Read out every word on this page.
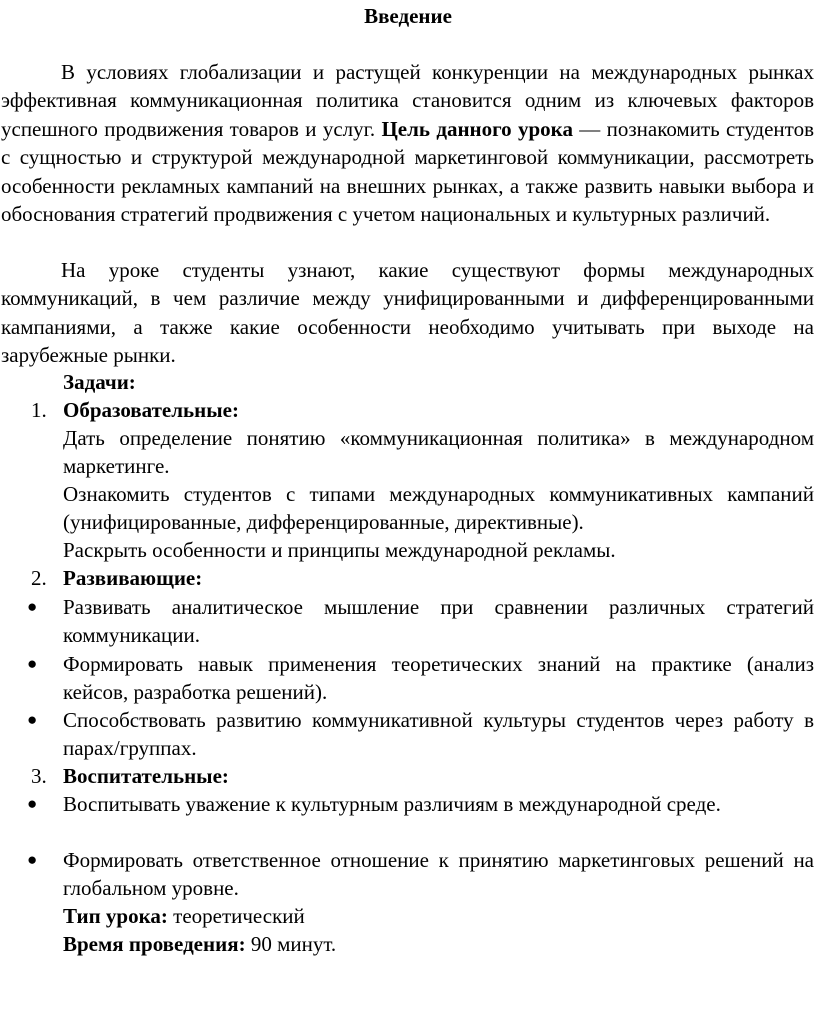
Введение

В условиях глобализации и растущей конкуренции на международных рынках эффективная коммуникационная политика становится одним из ключевых факторов успешного продвижения товаров и услуг. Цель данного урока — познакомить студентов с сущностью и структурой международной маркетинговой коммуникации, рассмотреть особенности рекламных кампаний на внешних рынках, а также развить навыки выбора и обоснования стратегий продвижения с учетом национальных и культурных различий.

На уроке студенты узнают, какие существуют формы международных коммуникаций, в чем различие между унифицированными и дифференцированными кампаниями, а также какие особенности необходимо учитывать при выходе на зарубежные рынки.

Задачи:
1. Образовательные:

Дать определение понятию «коммуникационная политика» в международном маркетинге.

Ознакомить студентов с типами международных коммуникативных кампаний (унифицированные, дифференцированные, директивные).

Раскрыть особенности и принципы международной рекламы.

2. Развивающие:
● Развивать аналитическое мышление при сравнении различных стратегий коммуникации.

● Формировать навык применения теоретических знаний на практике (анализ кейсов, разработка решений).

● Способствовать развитию коммуникативной культуры студентов через работу в парах/группах.

3. Воспитательные:
● Воспитывать уважение к культурным различиям в международной среде.

● Формировать ответственное отношение к принятию маркетинговых решений на глобальном уровне.

Тип урока: теоретический
Время проведения: 90 минут.
